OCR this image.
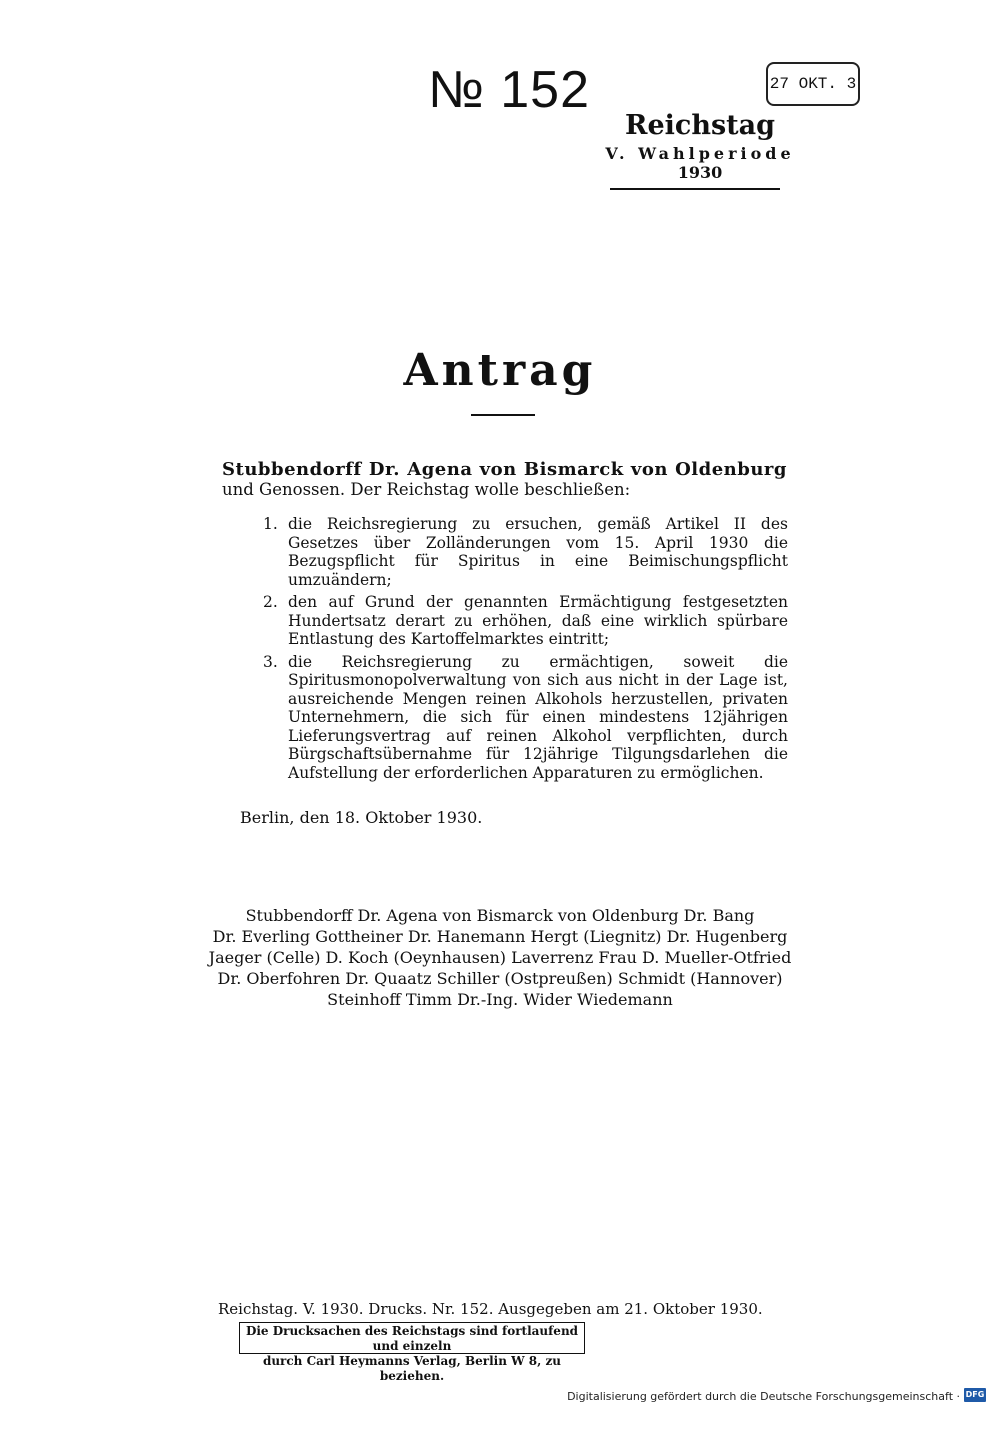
№ 152	27 OKT. 3
Reichstag
V. Wahlperiode
1930
Antrag
Stubbendorff Dr. Agena von Bismarck von Oldenburg und Genossen. Der Reichstag wolle beschließen:
1. die Reichsregierung zu ersuchen, gemäß Artikel II des Gesetzes über Zolländerungen vom 15. April 1930 die Bezugspflicht für Spiritus in eine Beimischungspflicht umzuändern;
2. den auf Grund der genannten Ermächtigung festgesetzten Hundertsatz derart zu erhöhen, daß eine wirklich spürbare Entlastung des Kartoffelmarktes eintritt;
3. die Reichsregierung zu ermächtigen, soweit die Spiritusmonopolverwaltung von sich aus nicht in der Lage ist, ausreichende Mengen reinen Alkohols herzustellen, privaten Unternehmern, die sich für einen mindestens 12jährigen Lieferungsvertrag auf reinen Alkohol verpflichten, durch Bürgschaftsübernahme für 12jährige Tilgungsdarlehen die Aufstellung der erforderlichen Apparaturen zu ermöglichen.
Berlin, den 18. Oktober 1930.
Stubbendorff Dr. Agena von Bismarck von Oldenburg Dr. Bang
Dr. Everling Gottheiner Dr. Hanemann Hergt (Liegnitz) Dr. Hugenberg
Jaeger (Celle) D. Koch (Oeynhausen) Laverrenz Frau D. Mueller-Otfried
Dr. Oberfohren Dr. Quaatz Schiller (Ostpreußen) Schmidt (Hannover)
Steinhoff Timm Dr.-Ing. Wider Wiedemann
Reichstag. V. 1930. Drucks. Nr. 152. Ausgegeben am 21. Oktober 1930.
Die Drucksachen des Reichstags sind fortlaufend und einzeln
durch Carl Heymanns Verlag, Berlin W 8, zu beziehen.
Digitalisierung gefördert durch die Deutsche Forschungsgemeinschaft · DFG
